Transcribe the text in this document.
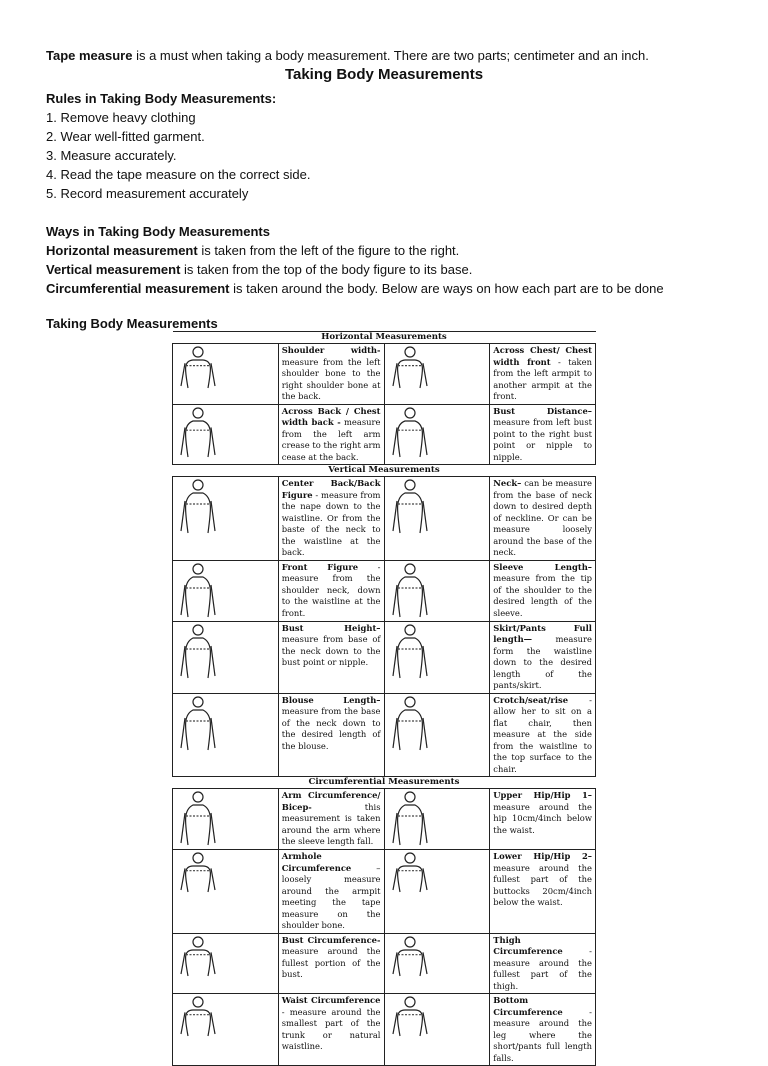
Tape measure is a must when taking a body measurement. There are two parts; centimeter and an inch.

Taking Body Measurements

Rules in Taking Body Measurements:

1. Remove heavy clothing

2. Wear well-fitted garment.

3. Measure accurately.

4. Read the tape measure on the correct side.

5. Record measurement accurately

Ways in Taking Body Measurements

Horizontal measurement is taken from the left of the figure to the right.

Vertical measurement is taken from the top of the body figure to its base.

Circumferential measurement is taken around the body. Below are ways on how each part are to be done

Taking Body Measurements
Horizontal Measurements			

	Shoulder width- measure from the left shoulder bone to the right shoulder bone at the back.		Across Chest/ Chest width front - taken from the left armpit to another armpit at the front.

	Across Back / Chest width back - measure from the left arm crease to the right arm cease at the back.		Bust Distance– measure from left bust point to the right bust point or nipple to nipple.
Vertical Measurements			

	Center Back/Back Figure - measure from the nape down to the waistline. Or from the baste of the neck to the waistline at the back.		Neck– can be measure from the base of neck down to desired depth of neckline. Or can be measure loosely around the base of the neck.

	Front Figure - measure from the shoulder neck, down to the waistline at the front.		Sleeve Length– measure from the tip of the shoulder to the desired length of the sleeve.

	Bust Height– measure from base of the neck down to the bust point or nipple.		Skirt/Pants Full length— measure form the waistline down to the desired length of the pants/skirt.

	Blouse Length– measure from the base of the neck down to the desired length of the blouse.		Crotch/seat/rise - allow her to sit on a flat chair, then measure at the side from the waistline to the top surface to the chair.
Circumferential Measurements			

	Arm Circumference/ Bicep- this measurement is taken around the arm where the sleeve length fall.		Upper Hip/Hip 1– measure around the hip 10cm/4inch below the waist.

	Armhole Circumference – loosely measure around the armpit meeting the tape measure on the shoulder bone.		Lower Hip/Hip 2– measure around the fullest part of the buttocks 20cm/4inch below the waist.

	Bust Circumference- measure around the fullest portion of the bust.		Thigh Circumference - measure around the fullest part of the thigh.

	Waist Circumference - measure around the smallest part of the trunk or natural waistline.		Bottom Circumference - measure around the leg where the short/pants full length falls.
